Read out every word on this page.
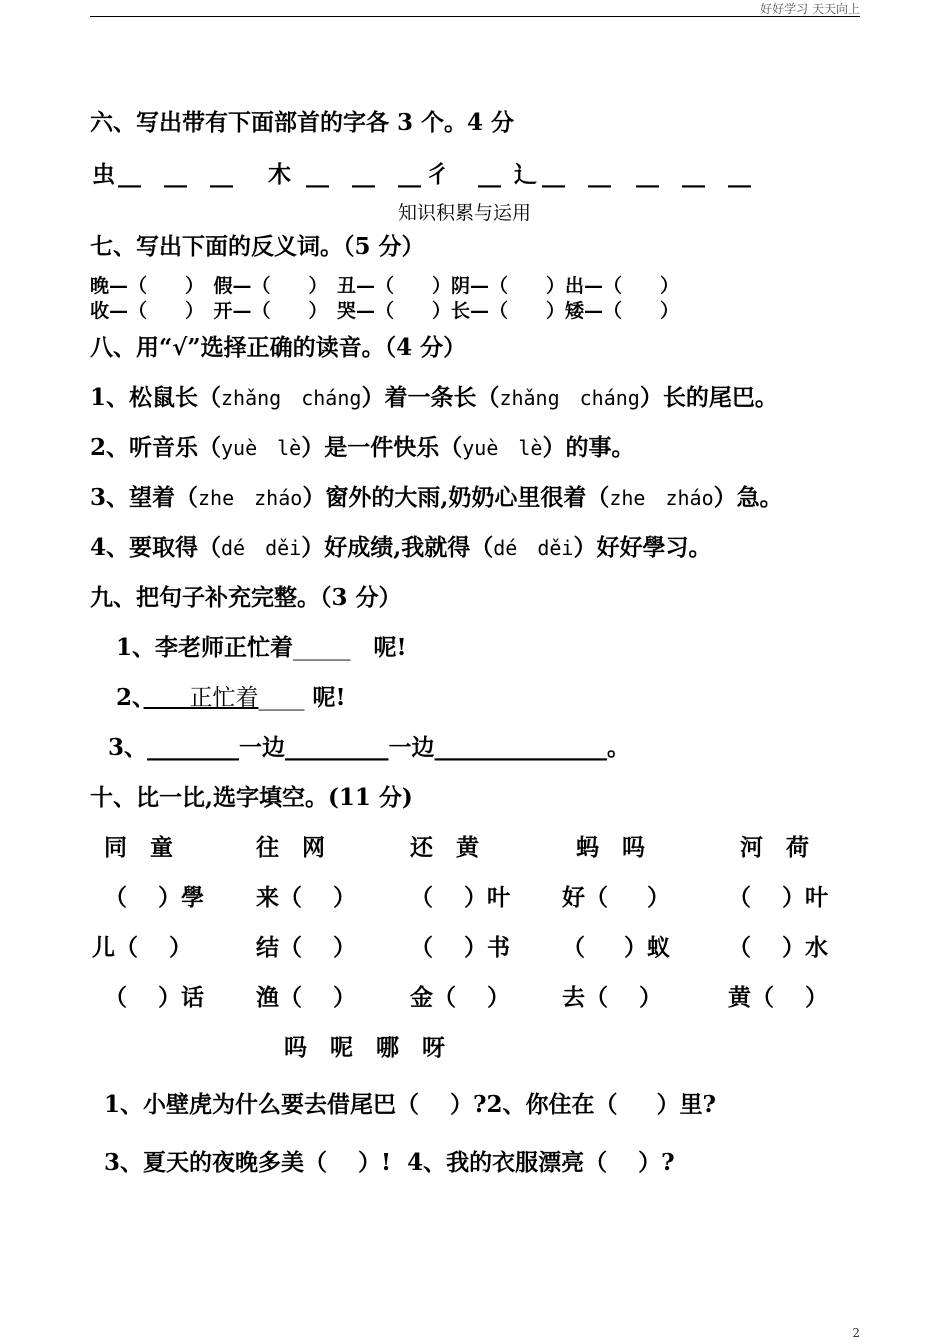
好好学习 天天向上
六、写出带有下面部首的字各 3 个。4 分
虫 __　__　__ 木 __　__　__ 彳 __ 辶 __　__ __　__　__
知识积累与运用
七、写出下面的反义词。（5 分）
晚—（　　）　假—（　　）　丑—（　　）阴—（　　）出—（　　）
收—（　　）　开—（　　）　哭—（　　）长—（　　）矮—（　　）
八、用“√”选择正确的读音。（4 分）
1、松鼠长（zhǎng　cháng）着一条长（zhǎng　cháng）长的尾巴。
2、听音乐（yuè　lè）是一件快乐（yuè　lè）的事。
3、望着（zhe　zháo）窗外的大雨,奶奶心里很着（zhe　zháo）急。
4、要取得（dé　děi）好成绩,我就得（dé　děi）好好學习。
九、把句子补充完整。（3 分）
1、李老师正忙着_____　呢!
2、　　正忙着____ 呢!
3、________一边_________一边_______________。
十、比一比,选字填空。(11 分)
同　童	往　网	还　黄	蚂　吗	河　荷
（　 ）學 来（　 ） （　 ）叶 好（　  ）	（　 ）叶
儿（　 ）	结（　 ） （　 ）书 （　  ）蚁	（　 ）水
（　 ）话 渔（　 ） 金（　 ） 去（　 ）	黄（　 ）
吗　呢　哪　呀
1、小壁虎为什么要去借尾巴（　 ）?2、你住在（　  ）里?
3、夏天的夜晚多美（　 ）!  4、我的衣服漂亮（　 ）?
2
